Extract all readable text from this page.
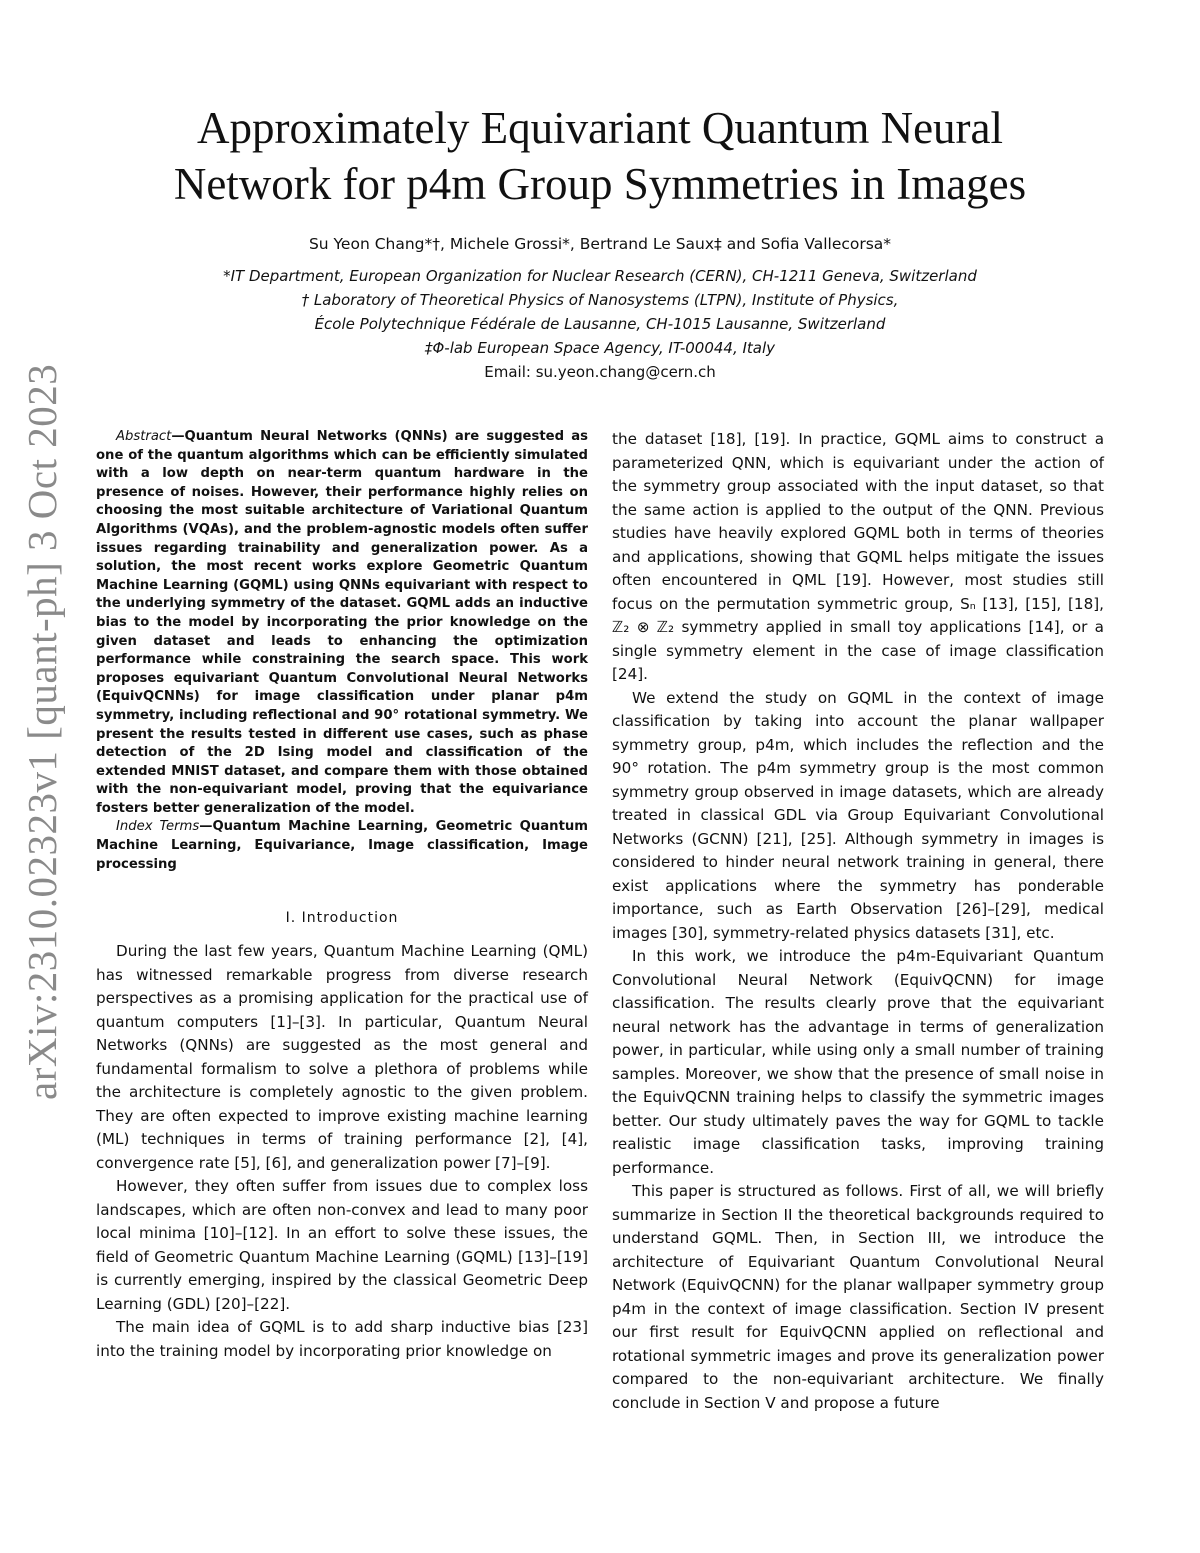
arXiv:2310.02323v1 [quant-ph] 3 Oct 2023
Approximately Equivariant Quantum Neural
Network for p4m Group Symmetries in Images
Su Yeon Chang*†, Michele Grossi*, Bertrand Le Saux‡ and Sofia Vallecorsa*
*IT Department, European Organization for Nuclear Research (CERN), CH-1211 Geneva, Switzerland
† Laboratory of Theoretical Physics of Nanosystems (LTPN), Institute of Physics,
École Polytechnique Fédérale de Lausanne, CH-1015 Lausanne, Switzerland
‡Φ-lab European Space Agency, IT-00044, Italy
Email: su.yeon.chang@cern.ch

Abstract—Quantum Neural Networks (QNNs) are suggested as one of the quantum algorithms which can be efficiently simulated with a low depth on near-term quantum hardware in the presence of noises. However, their performance highly relies on choosing the most suitable architecture of Variational Quantum Algorithms (VQAs), and the problem-agnostic models often suffer issues regarding trainability and generalization power. As a solution, the most recent works explore Geometric Quantum Machine Learning (GQML) using QNNs equivariant with respect to the underlying symmetry of the dataset. GQML adds an inductive bias to the model by incorporating the prior knowledge on the given dataset and leads to enhancing the optimization performance while constraining the search space. This work proposes equivariant Quantum Convolutional Neural Networks (EquivQCNNs) for image classification under planar p4m symmetry, including reflectional and 90° rotational symmetry. We present the results tested in different use cases, such as phase detection of the 2D Ising model and classification of the extended MNIST dataset, and compare them with those obtained with the non-equivariant model, proving that the equivariance fosters better generalization of the model.

Index Terms—Quantum Machine Learning, Geometric Quantum Machine Learning, Equivariance, Image classification, Image processing

I. Introduction

During the last few years, Quantum Machine Learning (QML) has witnessed remarkable progress from diverse research perspectives as a promising application for the practical use of quantum computers [1]–[3]. In particular, Quantum Neural Networks (QNNs) are suggested as the most general and fundamental formalism to solve a plethora of problems while the architecture is completely agnostic to the given problem. They are often expected to improve existing machine learning (ML) techniques in terms of training performance [2], [4], convergence rate [5], [6], and generalization power [7]–[9].

However, they often suffer from issues due to complex loss landscapes, which are often non-convex and lead to many poor local minima [10]–[12]. In an effort to solve these issues, the field of Geometric Quantum Machine Learning (GQML) [13]–[19] is currently emerging, inspired by the classical Geometric Deep Learning (GDL) [20]–[22].

The main idea of GQML is to add sharp inductive bias [23] into the training model by incorporating prior knowledge on

the dataset [18], [19]. In practice, GQML aims to construct a parameterized QNN, which is equivariant under the action of the symmetry group associated with the input dataset, so that the same action is applied to the output of the QNN. Previous studies have heavily explored GQML both in terms of theories and applications, showing that GQML helps mitigate the issues often encountered in QML [19]. However, most studies still focus on the permutation symmetric group, Sₙ [13], [15], [18], ℤ₂ ⊗ ℤ₂ symmetry applied in small toy applications [14], or a single symmetry element in the case of image classification [24].

We extend the study on GQML in the context of image classification by taking into account the planar wallpaper symmetry group, p4m, which includes the reflection and the 90° rotation. The p4m symmetry group is the most common symmetry group observed in image datasets, which are already treated in classical GDL via Group Equivariant Convolutional Networks (GCNN) [21], [25]. Although symmetry in images is considered to hinder neural network training in general, there exist applications where the symmetry has ponderable importance, such as Earth Observation [26]–[29], medical images [30], symmetry-related physics datasets [31], etc.

In this work, we introduce the p4m-Equivariant Quantum Convolutional Neural Network (EquivQCNN) for image classification. The results clearly prove that the equivariant neural network has the advantage in terms of generalization power, in particular, while using only a small number of training samples. Moreover, we show that the presence of small noise in the EquivQCNN training helps to classify the symmetric images better. Our study ultimately paves the way for GQML to tackle realistic image classification tasks, improving training performance.

This paper is structured as follows. First of all, we will briefly summarize in Section II the theoretical backgrounds required to understand GQML. Then, in Section III, we introduce the architecture of Equivariant Quantum Convolutional Neural Network (EquivQCNN) for the planar wallpaper symmetry group p4m in the context of image classification. Section IV present our first result for EquivQCNN applied on reflectional and rotational symmetric images and prove its generalization power compared to the non-equivariant architecture. We finally conclude in Section V and propose a future
